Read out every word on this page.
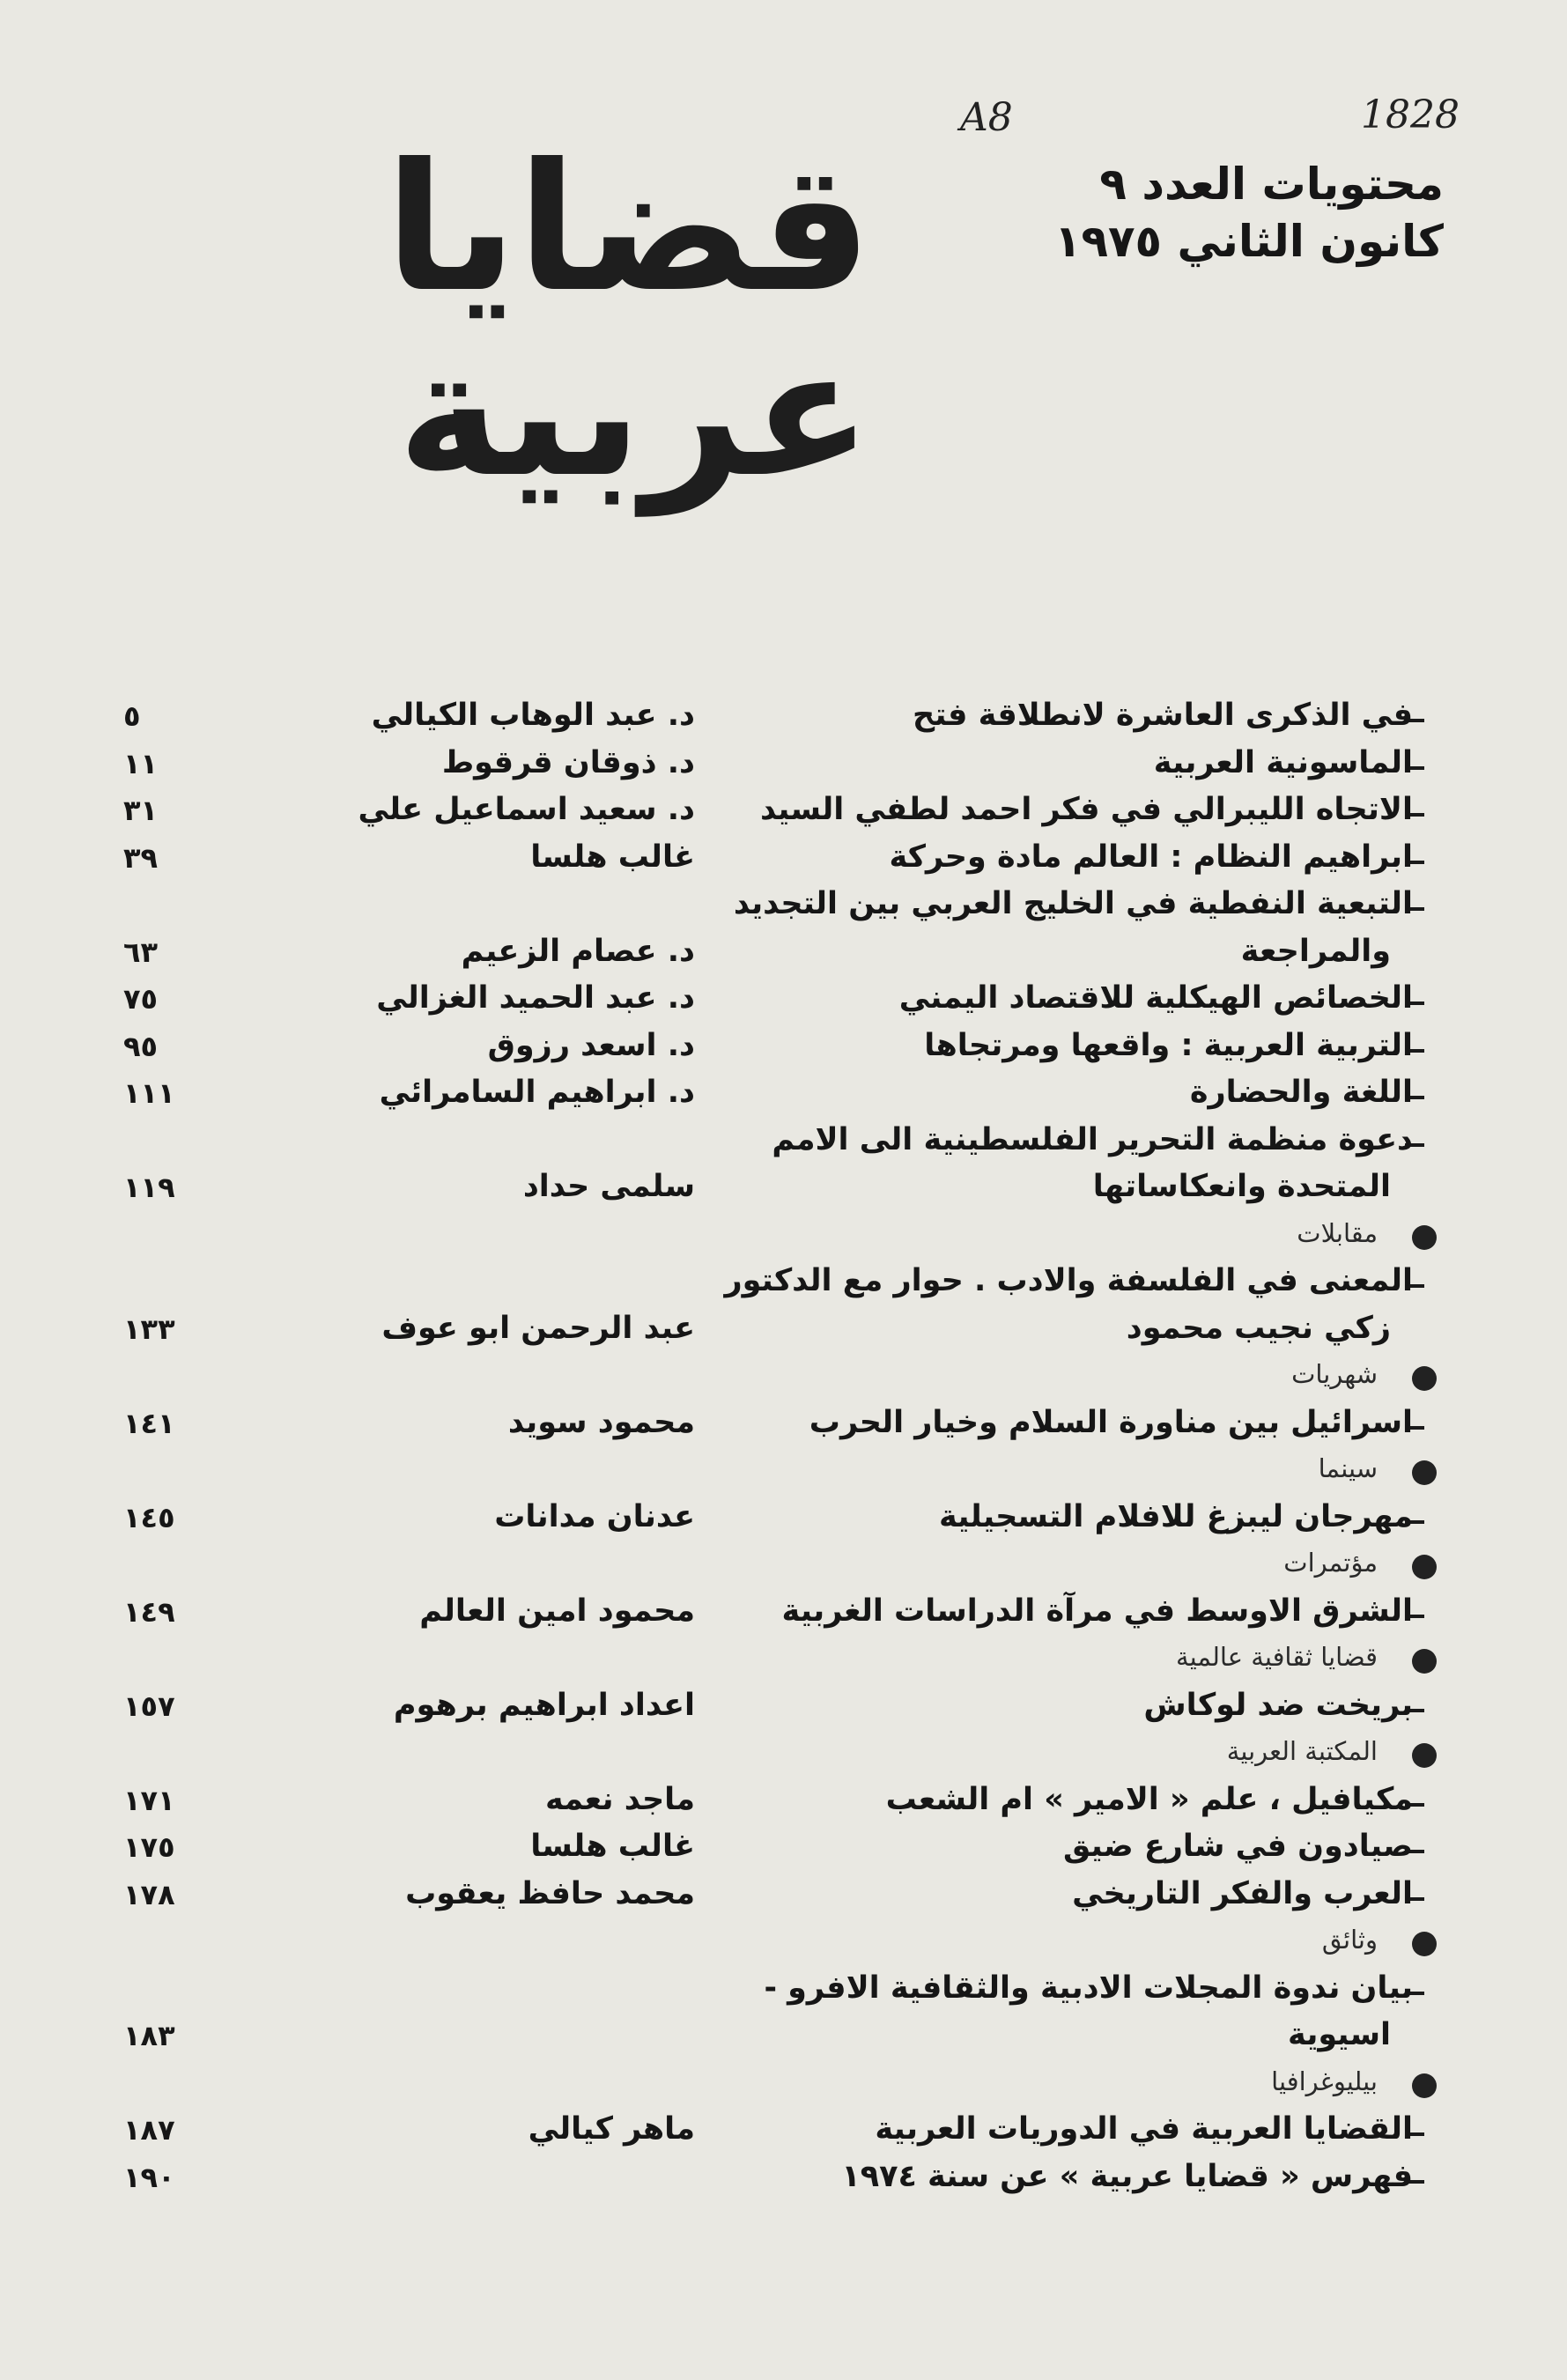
A8	1828
محتويات العدد ٩
كانون الثاني ١٩٧٥
قضايا
عربية
في الذكرى العاشرة لانطلاقة فتح
د. عبد الوهاب الكيالي
٥
الماسونية العربية
د. ذوقان قرقوط
١١
الاتجاه الليبرالي في فكر احمد لطفي السيد
د. سعيد اسماعيل علي
٣١
ابراهيم النظام : العالم مادة وحركة
غالب هلسا
٣٩
التبعية النفطية في الخليج العربي بين التجديد
والمراجعة
د. عصام الزعيم
٦٣
الخصائص الهيكلية للاقتصاد اليمني
د. عبد الحميد الغزالي
٧٥
التربية العربية : واقعها ومرتجاها
د. اسعد رزوق
٩٥
اللغة والحضارة
د. ابراهيم السامرائي
١١١
دعوة منظمة التحرير الفلسطينية الى الامم
المتحدة وانعكاساتها
سلمى حداد
١١٩
مقابلات
المعنى في الفلسفة والادب . حوار مع الدكتور
زكي نجيب محمود
عبد الرحمن ابو عوف
١٣٣
شهريات
اسرائيل بين مناورة السلام وخيار الحرب
محمود سويد
١٤١
سينما
مهرجان ليبزغ للافلام التسجيلية
عدنان مدانات
١٤٥
مؤتمرات
الشرق الاوسط في مرآة الدراسات الغربية
محمود امين العالم
١٤٩
قضايا ثقافية عالمية
بريخت ضد لوكاش
اعداد ابراهيم برهوم
١٥٧
المكتبة العربية
مكيافيل ، علم « الامير » ام الشعب
ماجد نعمه
١٧١
صيادون في شارع ضيق
غالب هلسا
١٧٥
العرب والفكر التاريخي
محمد حافظ يعقوب
١٧٨
وثائق
بيان ندوة المجلات الادبية والثقافية الافرو -
اسيوية
١٨٣
بيليوغرافيا
القضايا العربية في الدوريات العربية
ماهر كيالي
١٨٧
فهرس « قضايا عربية » عن سنة ١٩٧٤
١٩٠
